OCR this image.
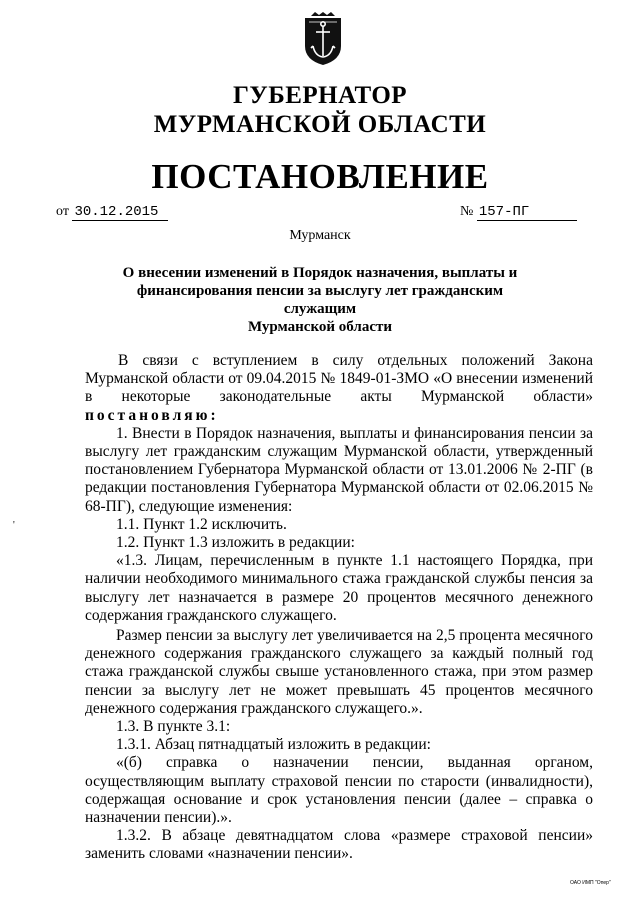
ГУБЕРНАТОР
МУРМАНСКОЙ ОБЛАСТИ
ПОСТАНОВЛЕНИЕ
от 30.12.2015	№ 157-ПГ
Мурманск
О внесении изменений в Порядок назначения, выплаты и
финансирования пенсии за выслугу лет гражданским служащим
Мурманской области

В связи с вступлением в силу отдельных положений Закона Мурманской области от 09.04.2015 № 1849-01-ЗМО «О внесении изменений в некоторые законодательные акты Мурманской области» постановляю:

1. Внести в Порядок назначения, выплаты и финансирования пенсии за выслугу лет гражданским служащим Мурманской области, утвержденный постановлением Губернатора Мурманской области от 13.01.2006 № 2-ПГ (в редакции постановления Губернатора Мурманской области от 02.06.2015 № 68-ПГ), следующие изменения:

1.1. Пункт 1.2 исключить.

1.2. Пункт 1.3 изложить в редакции:

«1.3. Лицам, перечисленным в пункте 1.1 настоящего Порядка, при наличии необходимого минимального стажа гражданской службы пенсия за выслугу лет назначается в размере 20 процентов месячного денежного содержания гражданского служащего.

Размер пенсии за выслугу лет увеличивается на 2,5 процента месячного денежного содержания гражданского служащего за каждый полный год стажа гражданской службы свыше установленного стажа, при этом размер пенсии за выслугу лет не может превышать 45 процентов месячного денежного содержания гражданского служащего.».

1.3. В пункте 3.1:

1.3.1. Абзац пятнадцатый изложить в редакции:

«(б) справка о назначении пенсии, выданная органом, осуществляющим выплату страховой пенсии по старости (инвалидности), содержащая основание и срок установления пенсии (далее – справка о назначении пенсии).».

1.3.2. В абзаце девятнадцатом слова «размере страховой пенсии» заменить словами «назначении пенсии».

'
ОАО ИМП "Опер"
